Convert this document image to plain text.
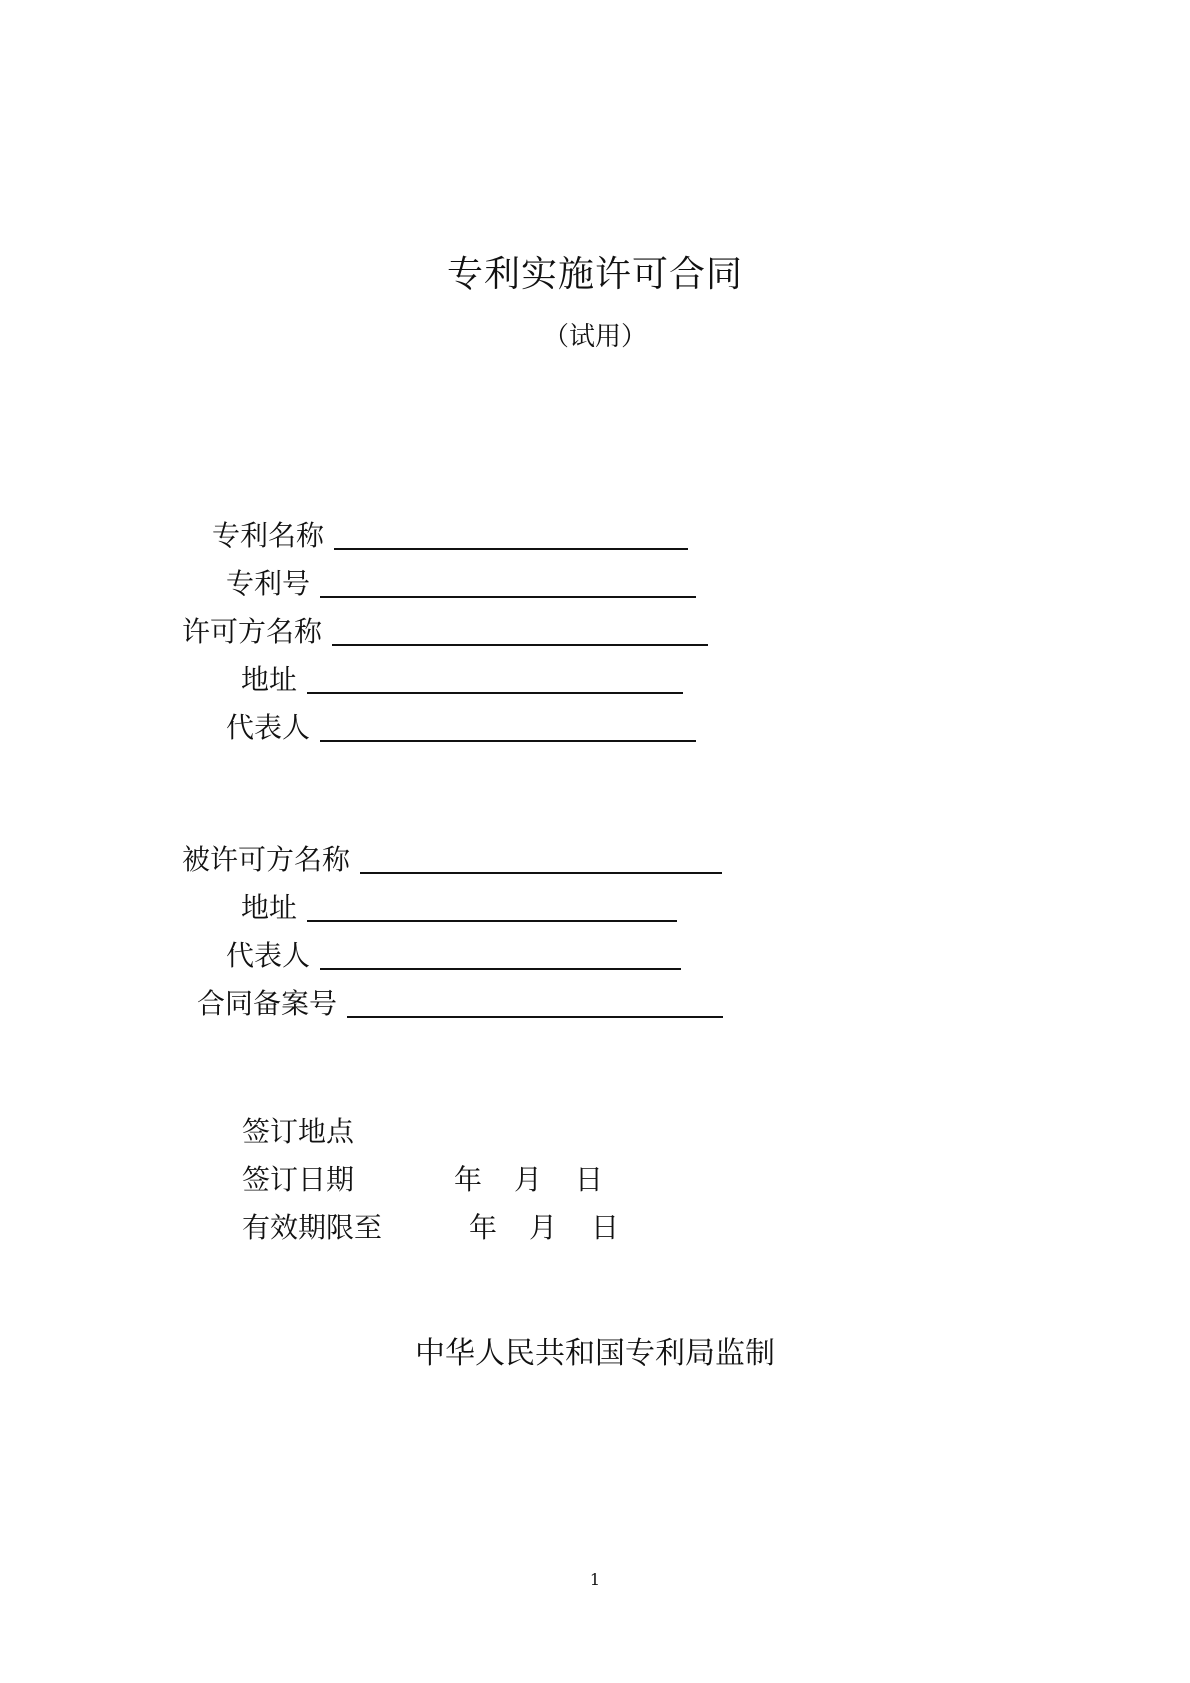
专利实施许可合同
（试用）
专利名称
专利号
许可方名称
地址
代表人
被许可方名称
地址
代表人
合同备案号
签订地点
签订日期	年 月 日
有效期限至	年 月 日
中华人民共和国专利局监制
1
